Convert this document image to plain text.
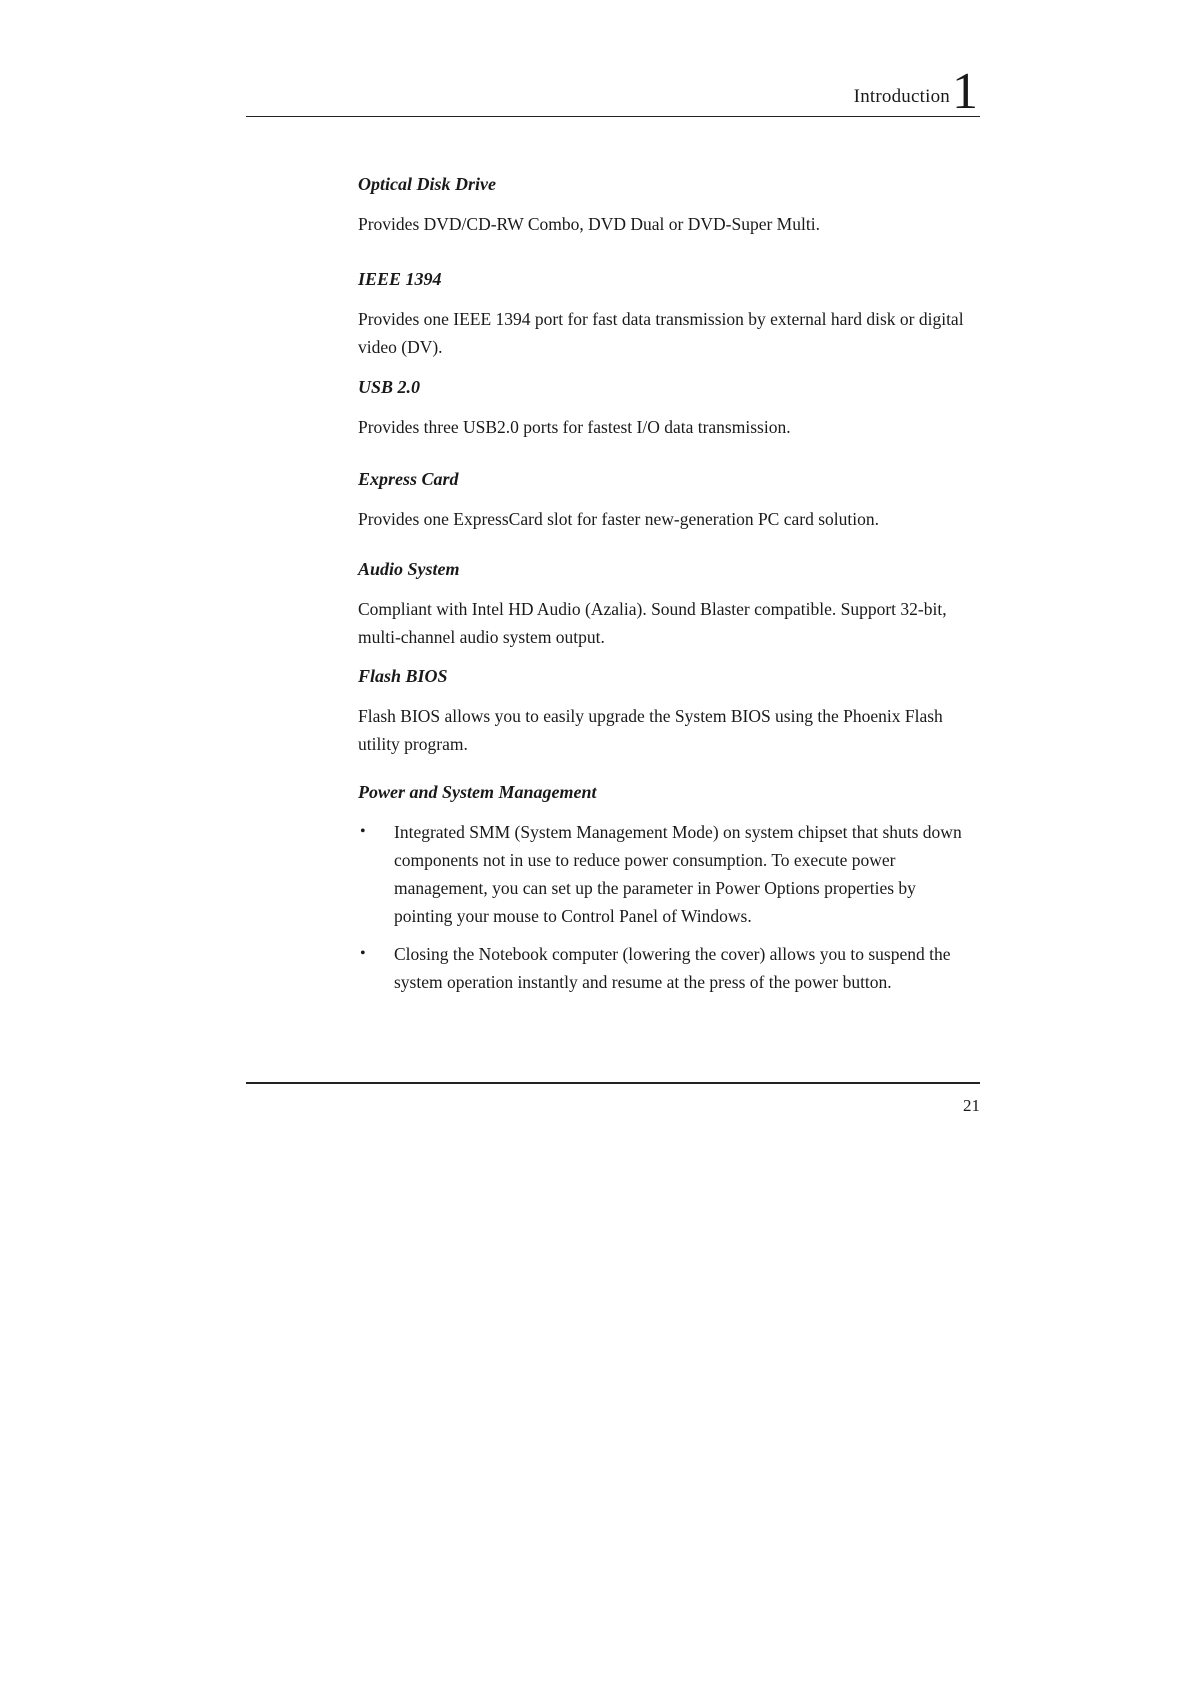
Introduction 1
Optical Disk Drive

Provides DVD/CD-RW Combo, DVD Dual or DVD-Super Multi.

IEEE 1394

Provides one IEEE 1394 port for fast data transmission by external hard disk or digital video (DV).

USB 2.0

Provides three USB2.0 ports for fastest I/O data transmission.

Express Card

Provides one ExpressCard slot for faster new-generation PC card solution.

Audio System

Compliant with Intel HD Audio (Azalia). Sound Blaster compatible. Support 32-bit, multi-channel audio system output.

Flash BIOS

Flash BIOS allows you to easily upgrade the System BIOS using the Phoenix Flash utility program.

Power and System Management
• Integrated SMM (System Management Mode) on system chipset that shuts down components not in use to reduce power consumption. To execute power management, you can set up the parameter in Power Options properties by pointing your mouse to Control Panel of Windows.
• Closing the Notebook computer (lowering the cover) allows you to suspend the system operation instantly and resume at the press of the power button.
21
